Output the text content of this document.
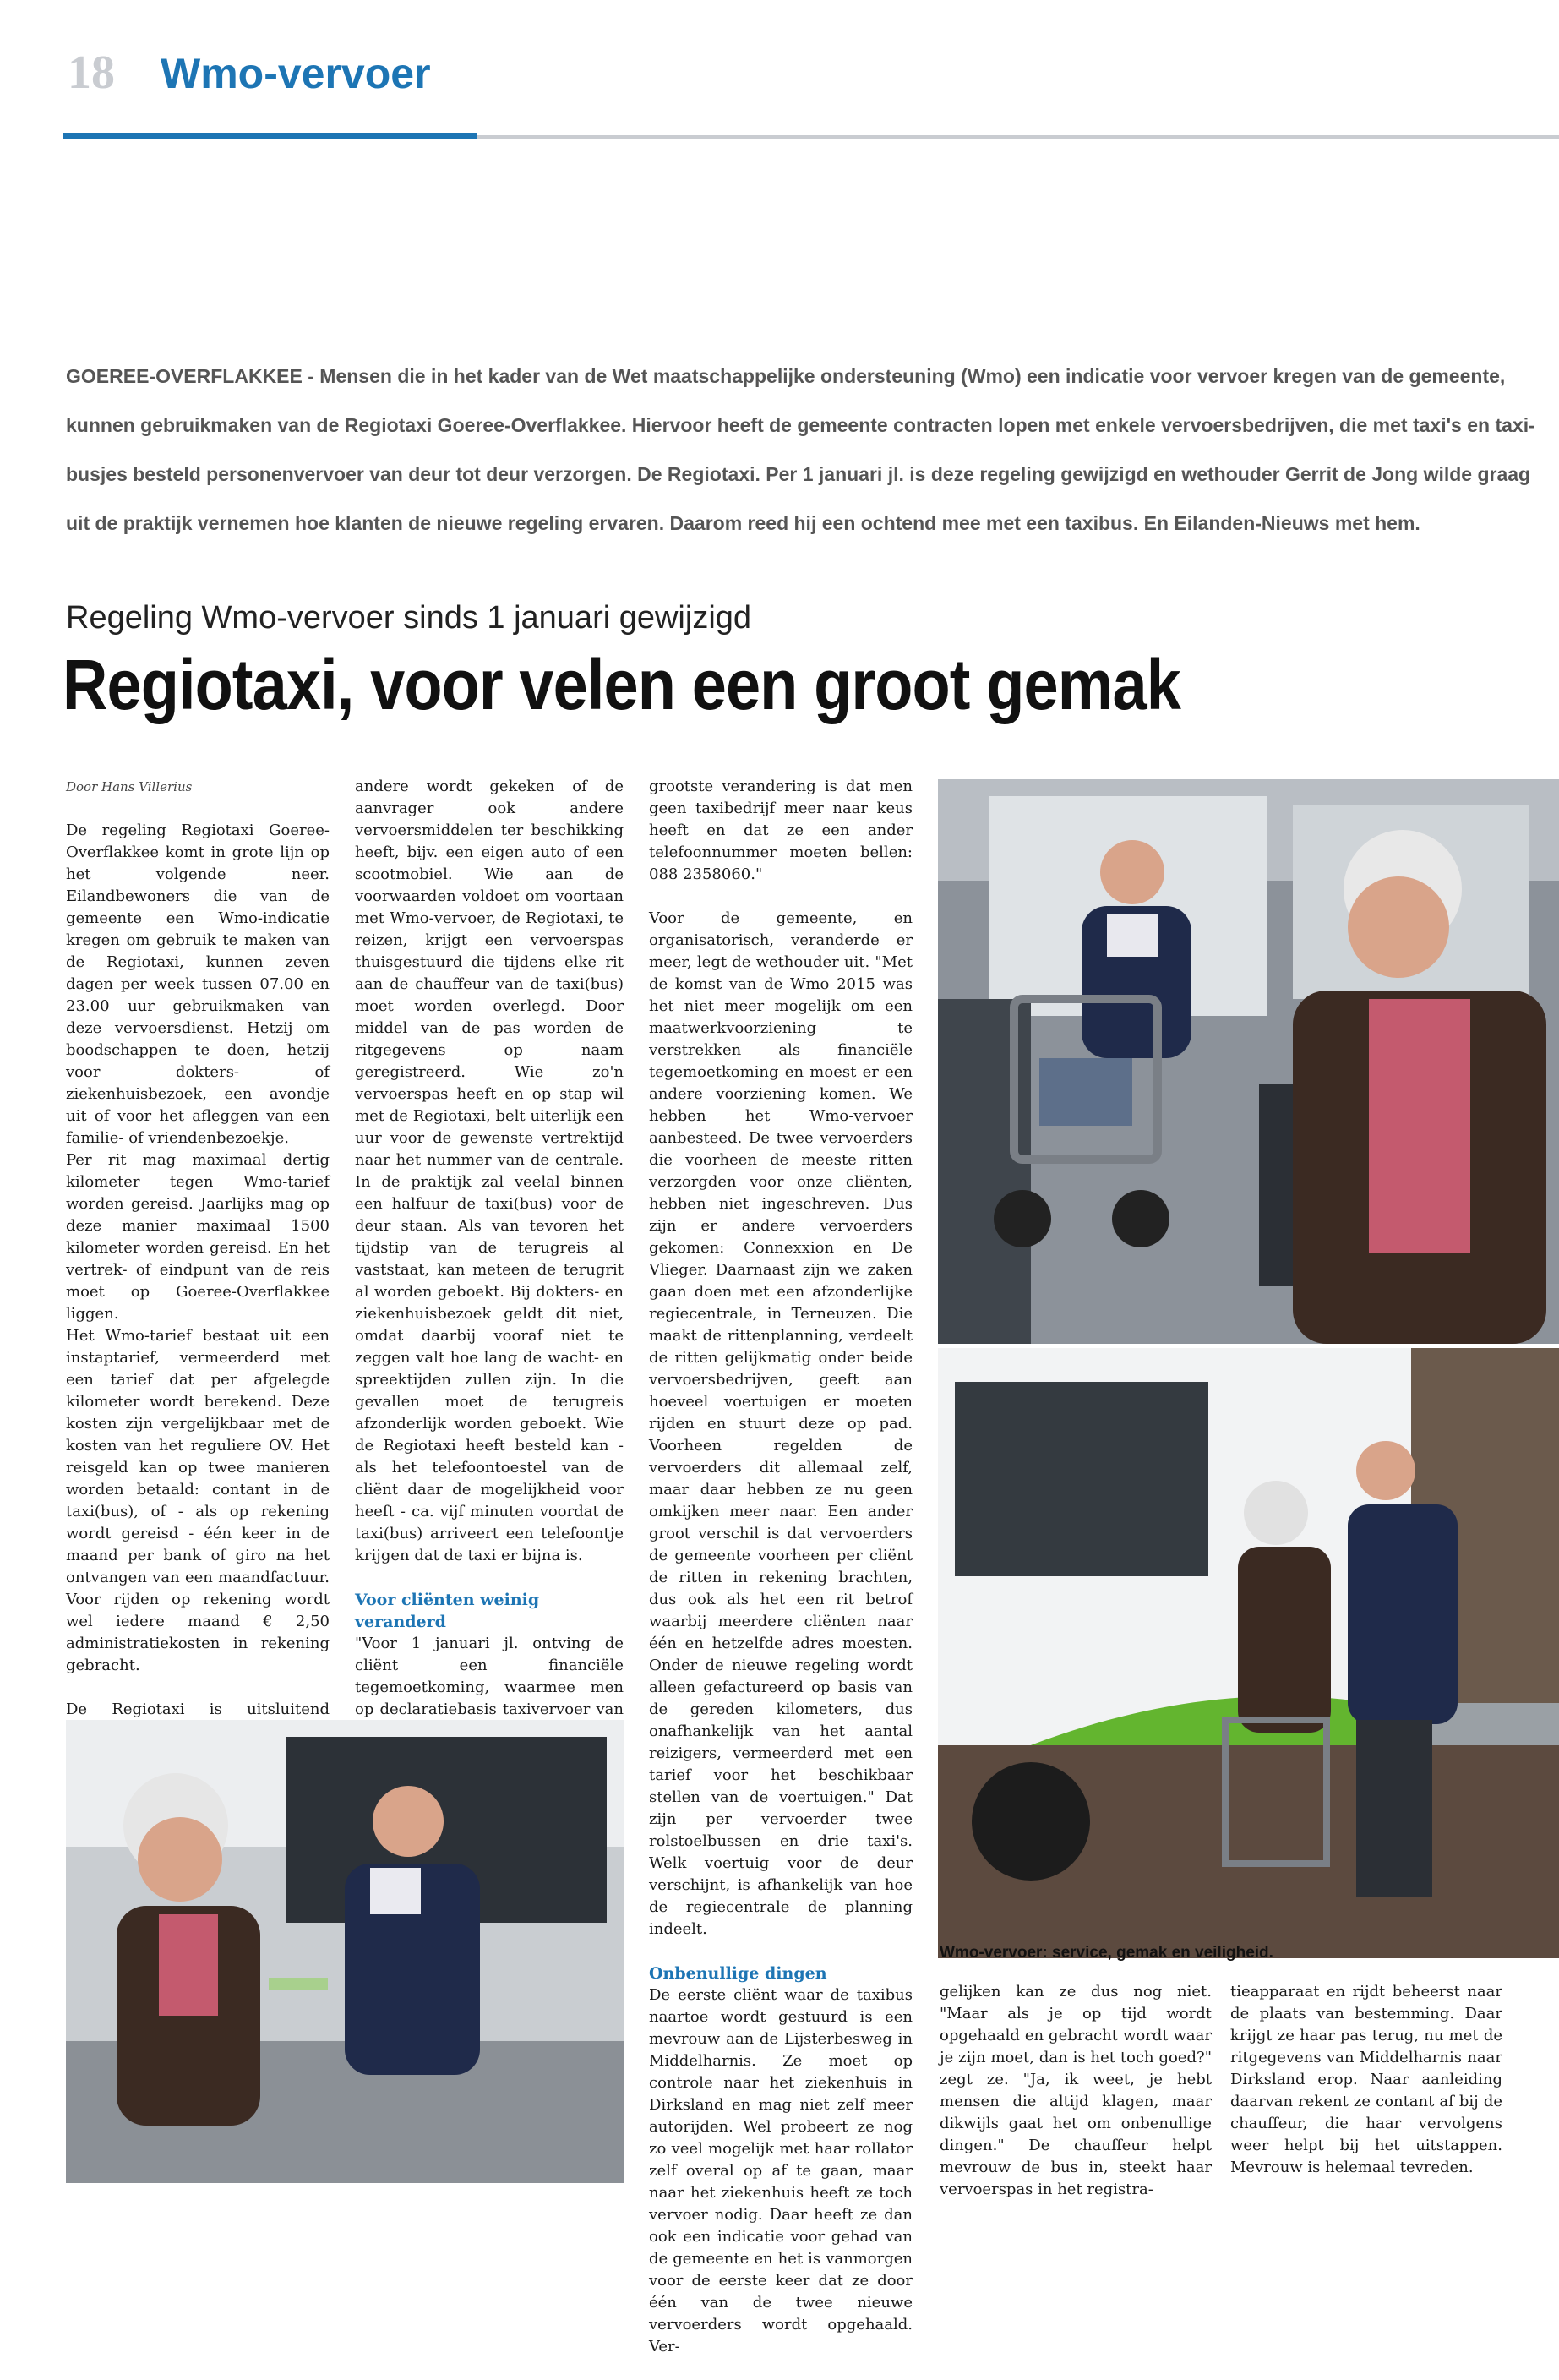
18 Wmo-vervoer
GOEREE-OVERFLAKKEE - Mensen die in het kader van de Wet maatschappelijke ondersteuning (Wmo) een indicatie voor vervoer kregen van de gemeente,
kunnen gebruikmaken van de Regiotaxi Goeree-Overflakkee. Hiervoor heeft de gemeente contracten lopen met enkele vervoersbedrijven, die met taxi's en taxi-
busjes besteld personenvervoer van deur tot deur verzorgen. De Regiotaxi. Per 1 januari jl. is deze regeling gewijzigd en wethouder Gerrit de Jong wilde graag
uit de praktijk vernemen hoe klanten de nieuwe regeling ervaren. Daarom reed hij een ochtend mee met een taxibus. En Eilanden-Nieuws met hem.
Regeling Wmo-vervoer sinds 1 januari gewijzigd
Regiotaxi, voor velen een groot gemak
Door Hans Villerius

De regeling Regiotaxi Goeree-Overflakkee komt in grote lijn op het volgende neer. Eilandbewoners die van de gemeente een Wmo-indicatie kregen om gebruik te maken van de Regiotaxi, kunnen zeven dagen per week tussen 07.00 en 23.00 uur gebruikmaken van deze vervoersdienst. Hetzij om boodschappen te doen, hetzij voor dokters- of ziekenhuisbezoek, een avondje uit of voor het afleggen van een familie- of vriendenbezoekje.

Per rit mag maximaal dertig kilometer tegen Wmo-tarief worden gereisd. Jaarlijks mag op deze manier maximaal 1500 kilometer worden gereisd. En het vertrek- of eindpunt van de reis moet op Goeree-Overflakkee liggen.

Het Wmo-tarief bestaat uit een instaptarief, vermeerderd met een tarief dat per afgelegde kilometer wordt berekend. Deze kosten zijn vergelijkbaar met de kosten van het reguliere OV. Het reisgeld kan op twee manieren worden betaald: contant in de taxi(bus), of - als op rekening wordt gereisd - één keer in de maand per bank of giro na het ontvangen van een maandfactuur. Voor rijden op rekening wordt wel iedere maand € 2,50 administratiekosten in rekening gebracht.

De Regiotaxi is uitsluitend

andere wordt gekeken of de aanvrager ook andere vervoersmiddelen ter beschikking heeft, bijv. een eigen auto of een scootmobiel. Wie aan de voorwaarden voldoet om voortaan met Wmo-vervoer, de Regiotaxi, te reizen, krijgt een vervoerspas thuisgestuurd die tijdens elke rit aan de chauffeur van de taxi(bus) moet worden overlegd. Door middel van de pas worden de ritgegevens op naam geregistreerd. Wie zo'n vervoerspas heeft en op stap wil met de Regiotaxi, belt uiterlijk een uur voor de gewenste vertrektijd naar het nummer van de centrale. In de praktijk zal veelal binnen een halfuur de taxi(bus) voor de deur staan. Als van tevoren het tijdstip van de terugreis al vaststaat, kan meteen de terugrit al worden geboekt. Bij dokters- en ziekenhuisbezoek geldt dit niet, omdat daarbij vooraf niet te zeggen valt hoe lang de wacht- en spreektijden zullen zijn. In die gevallen moet de terugreis afzonderlijk worden geboekt. Wie de Regiotaxi heeft besteld kan - als het telefoontoestel van de cliënt daar de mogelijkheid voor heeft - ca. vijf minuten voordat de taxi(bus) arriveert een telefoontje krijgen dat de taxi er bijna is.

Voor cliënten weinig veranderd

"Voor 1 januari jl. ontving de cliënt een financiële tegemoetkoming, waarmee men op declaratiebasis taxivervoer van

grootste verandering is dat men geen taxibedrijf meer naar keus heeft en dat ze een ander telefoonnummer moeten bellen: 088 2358060."

Voor de gemeente, en organisatorisch, veranderde er meer, legt de wethouder uit. "Met de komst van de Wmo 2015 was het niet meer mogelijk om een maatwerkvoorziening te verstrekken als financiële tegemoetkoming en moest er een andere voorziening komen. We hebben het Wmo-vervoer aanbesteed. De twee vervoerders die voorheen de meeste ritten verzorgden voor onze cliënten, hebben niet ingeschreven. Dus zijn er andere vervoerders gekomen: Connexxion en De Vlieger. Daarnaast zijn we zaken gaan doen met een afzonderlijke regiecentrale, in Terneuzen. Die maakt de rittenplanning, verdeelt de ritten gelijkmatig onder beide vervoersbedrijven, geeft aan hoeveel voertuigen er moeten rijden en stuurt deze op pad. Voorheen regelden de vervoerders dit allemaal zelf, maar daar hebben ze nu geen omkijken meer naar. Een ander groot verschil is dat vervoerders de gemeente voorheen per cliënt de ritten in rekening brachten, dus ook als het een rit betrof waarbij meerdere cliënten naar één en hetzelfde adres moesten. Onder de nieuwe regeling wordt alleen gefactureerd op basis van de gereden kilometers, dus onafhankelijk van het aantal reizigers, vermeerderd met een tarief voor het beschikbaar stellen van de voertuigen." Dat zijn per vervoerder twee rolstoelbussen en drie taxi's. Welk voertuig voor de deur verschijnt, is afhankelijk van hoe de regiecentrale de planning indeelt.

Onbenullige dingen

De eerste cliënt waar de taxibus naartoe wordt gestuurd is een mevrouw aan de Lijsterbesweg in Middelharnis. Ze moet op controle naar het ziekenhuis in Dirksland en mag niet zelf meer autorijden. Wel probeert ze nog zo veel mogelijk met haar rollator zelf overal op af te gaan, maar naar het ziekenhuis heeft ze toch vervoer nodig. Daar heeft ze dan ook een indicatie voor gehad van de gemeente en het is vanmorgen voor de eerste keer dat ze door één van de twee nieuwe vervoerders wordt opgehaald. Ver-

Wmo-vervoer: service, gemak en veiligheid.

gelijken kan ze dus nog niet. "Maar als je op tijd wordt opgehaald en gebracht wordt waar je zijn moet, dan is het toch goed?" zegt ze. "Ja, ik weet, je hebt mensen die altijd klagen, maar dikwijls gaat het om onbenullige dingen." De chauffeur helpt mevrouw de bus in, steekt haar vervoerspas in het registra-

tieapparaat en rijdt beheerst naar de plaats van bestemming. Daar krijgt ze haar pas terug, nu met de ritgegevens van Middelharnis naar Dirksland erop. Naar aanleiding daarvan rekent ze contant af bij de chauffeur, die haar vervolgens weer helpt bij het uitstappen. Mevrouw is helemaal tevreden.
